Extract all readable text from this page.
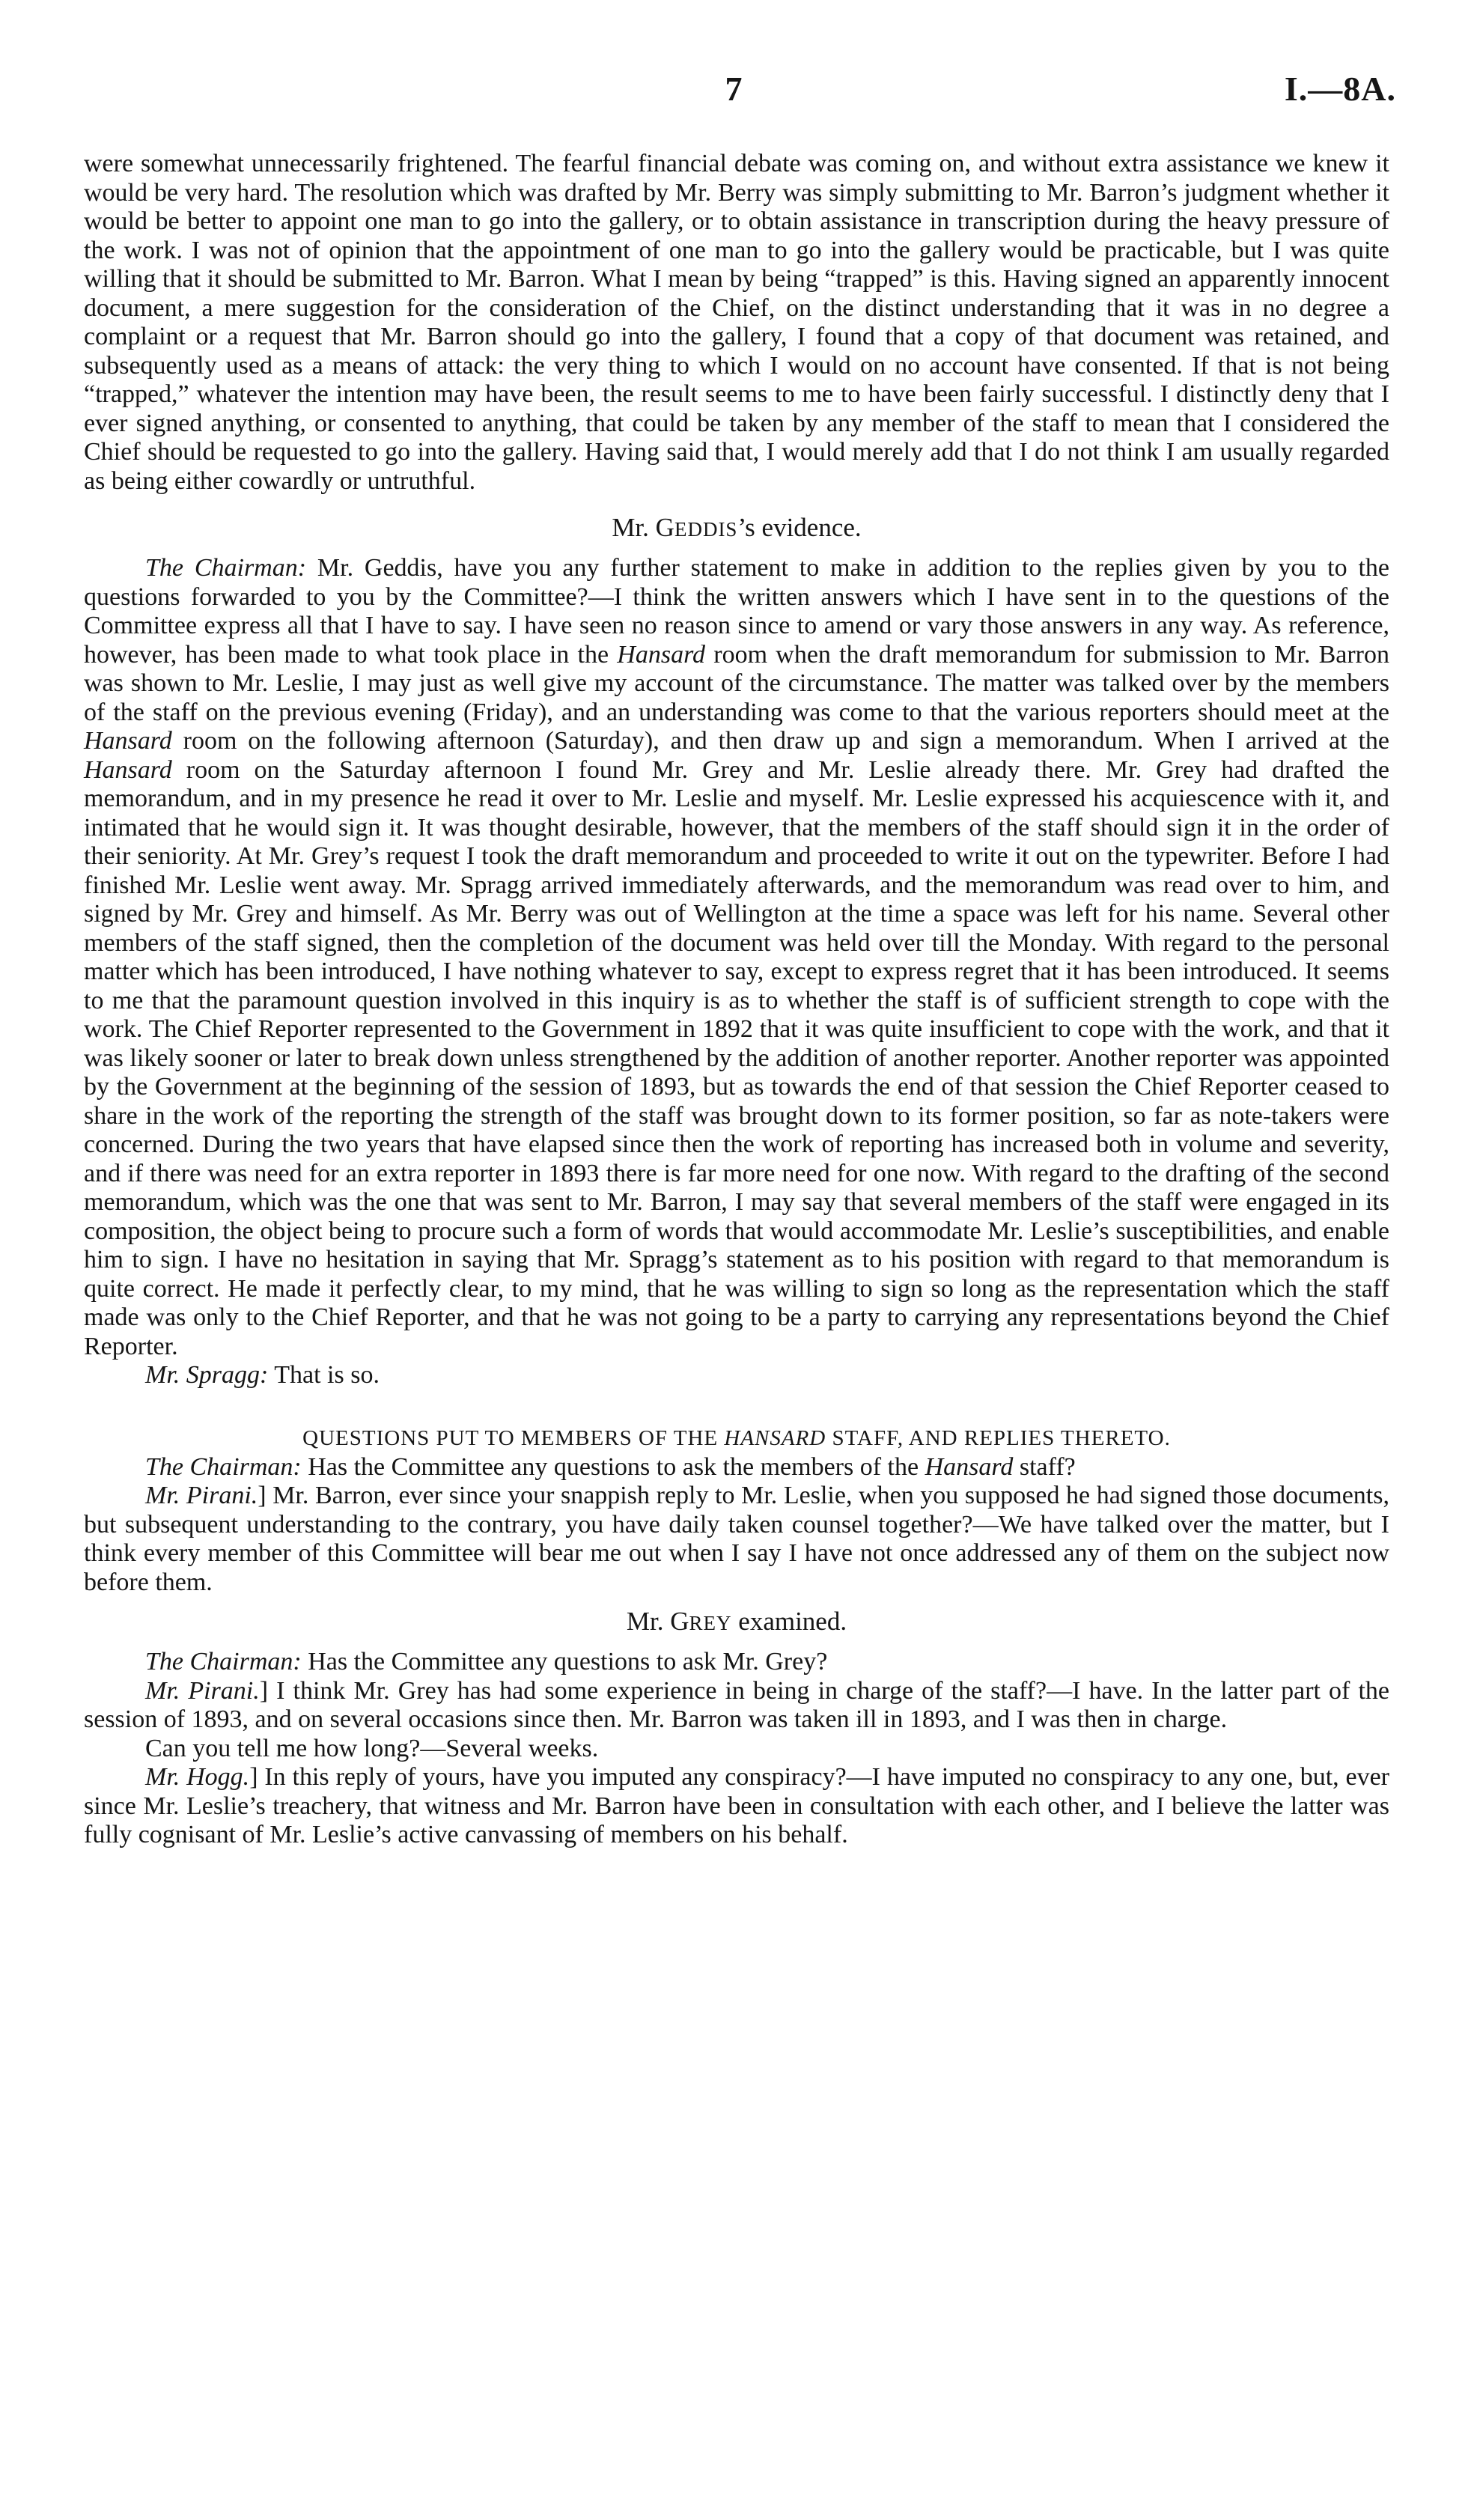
7	I.—8A.

were somewhat unnecessarily frightened. The fearful financial debate was coming on, and without extra assistance we knew it would be very hard. The resolution which was drafted by Mr. Berry was simply submitting to Mr. Barron’s judgment whether it would be better to appoint one man to go into the gallery, or to obtain assistance in transcription during the heavy pressure of the work. I was not of opinion that the appointment of one man to go into the gallery would be practicable, but I was quite willing that it should be submitted to Mr. Barron. What I mean by being “trapped” is this. Having signed an apparently innocent document, a mere suggestion for the consideration of the Chief, on the distinct understanding that it was in no degree a complaint or a request that Mr. Barron should go into the gallery, I found that a copy of that document was retained, and subsequently used as a means of attack: the very thing to which I would on no account have consented. If that is not being “trapped,” whatever the intention may have been, the result seems to me to have been fairly successful. I distinctly deny that I ever signed anything, or consented to anything, that could be taken by any member of the staff to mean that I considered the Chief should be requested to go into the gallery. Having said that, I would merely add that I do not think I am usually regarded as being either cowardly or untruthful.

Mr. GEDDIS’s evidence.

The Chairman: Mr. Geddis, have you any further statement to make in addition to the replies given by you to the questions forwarded to you by the Committee?—I think the written answers which I have sent in to the questions of the Committee express all that I have to say. I have seen no reason since to amend or vary those answers in any way. As reference, however, has been made to what took place in the Hansard room when the draft memorandum for submission to Mr. Barron was shown to Mr. Leslie, I may just as well give my account of the circumstance. The matter was talked over by the members of the staff on the previous evening (Friday), and an understanding was come to that the various reporters should meet at the Hansard room on the following afternoon (Saturday), and then draw up and sign a memorandum. When I arrived at the Hansard room on the Saturday afternoon I found Mr. Grey and Mr. Leslie already there. Mr. Grey had drafted the memorandum, and in my presence he read it over to Mr. Leslie and myself. Mr. Leslie expressed his acquiescence with it, and intimated that he would sign it. It was thought desirable, however, that the members of the staff should sign it in the order of their seniority. At Mr. Grey’s request I took the draft memorandum and proceeded to write it out on the typewriter. Before I had finished Mr. Leslie went away. Mr. Spragg arrived immediately afterwards, and the memorandum was read over to him, and signed by Mr. Grey and himself. As Mr. Berry was out of Wellington at the time a space was left for his name. Several other members of the staff signed, then the completion of the document was held over till the Monday. With regard to the personal matter which has been introduced, I have nothing whatever to say, except to express regret that it has been introduced. It seems to me that the paramount question involved in this inquiry is as to whether the staff is of sufficient strength to cope with the work. The Chief Reporter represented to the Government in 1892 that it was quite insufficient to cope with the work, and that it was likely sooner or later to break down unless strengthened by the addition of another reporter. Another reporter was appointed by the Government at the beginning of the session of 1893, but as towards the end of that session the Chief Reporter ceased to share in the work of the reporting the strength of the staff was brought down to its former position, so far as note-takers were concerned. During the two years that have elapsed since then the work of reporting has increased both in volume and severity, and if there was need for an extra reporter in 1893 there is far more need for one now. With regard to the drafting of the second memorandum, which was the one that was sent to Mr. Barron, I may say that several members of the staff were engaged in its composition, the object being to procure such a form of words that would accommodate Mr. Leslie’s susceptibilities, and enable him to sign. I have no hesitation in saying that Mr. Spragg’s statement as to his position with regard to that memorandum is quite correct. He made it perfectly clear, to my mind, that he was willing to sign so long as the representation which the staff made was only to the Chief Reporter, and that he was not going to be a party to carrying any representations beyond the Chief Reporter.

Mr. Spragg: That is so.

QUESTIONS PUT TO MEMBERS OF THE HANSARD STAFF, AND REPLIES THERETO.

The Chairman: Has the Committee any questions to ask the members of the Hansard staff?

Mr. Pirani.] Mr. Barron, ever since your snappish reply to Mr. Leslie, when you supposed he had signed those documents, but subsequent understanding to the contrary, you have daily taken counsel together?—We have talked over the matter, but I think every member of this Committee will bear me out when I say I have not once addressed any of them on the subject now before them.

Mr. GREY examined.

The Chairman: Has the Committee any questions to ask Mr. Grey?

Mr. Pirani.] I think Mr. Grey has had some experience in being in charge of the staff?—I have. In the latter part of the session of 1893, and on several occasions since then. Mr. Barron was taken ill in 1893, and I was then in charge.

Can you tell me how long?—Several weeks.

Mr. Hogg.] In this reply of yours, have you imputed any conspiracy?—I have imputed no conspiracy to any one, but, ever since Mr. Leslie’s treachery, that witness and Mr. Barron have been in consultation with each other, and I believe the latter was fully cognisant of Mr. Leslie’s active canvassing of members on his behalf.
